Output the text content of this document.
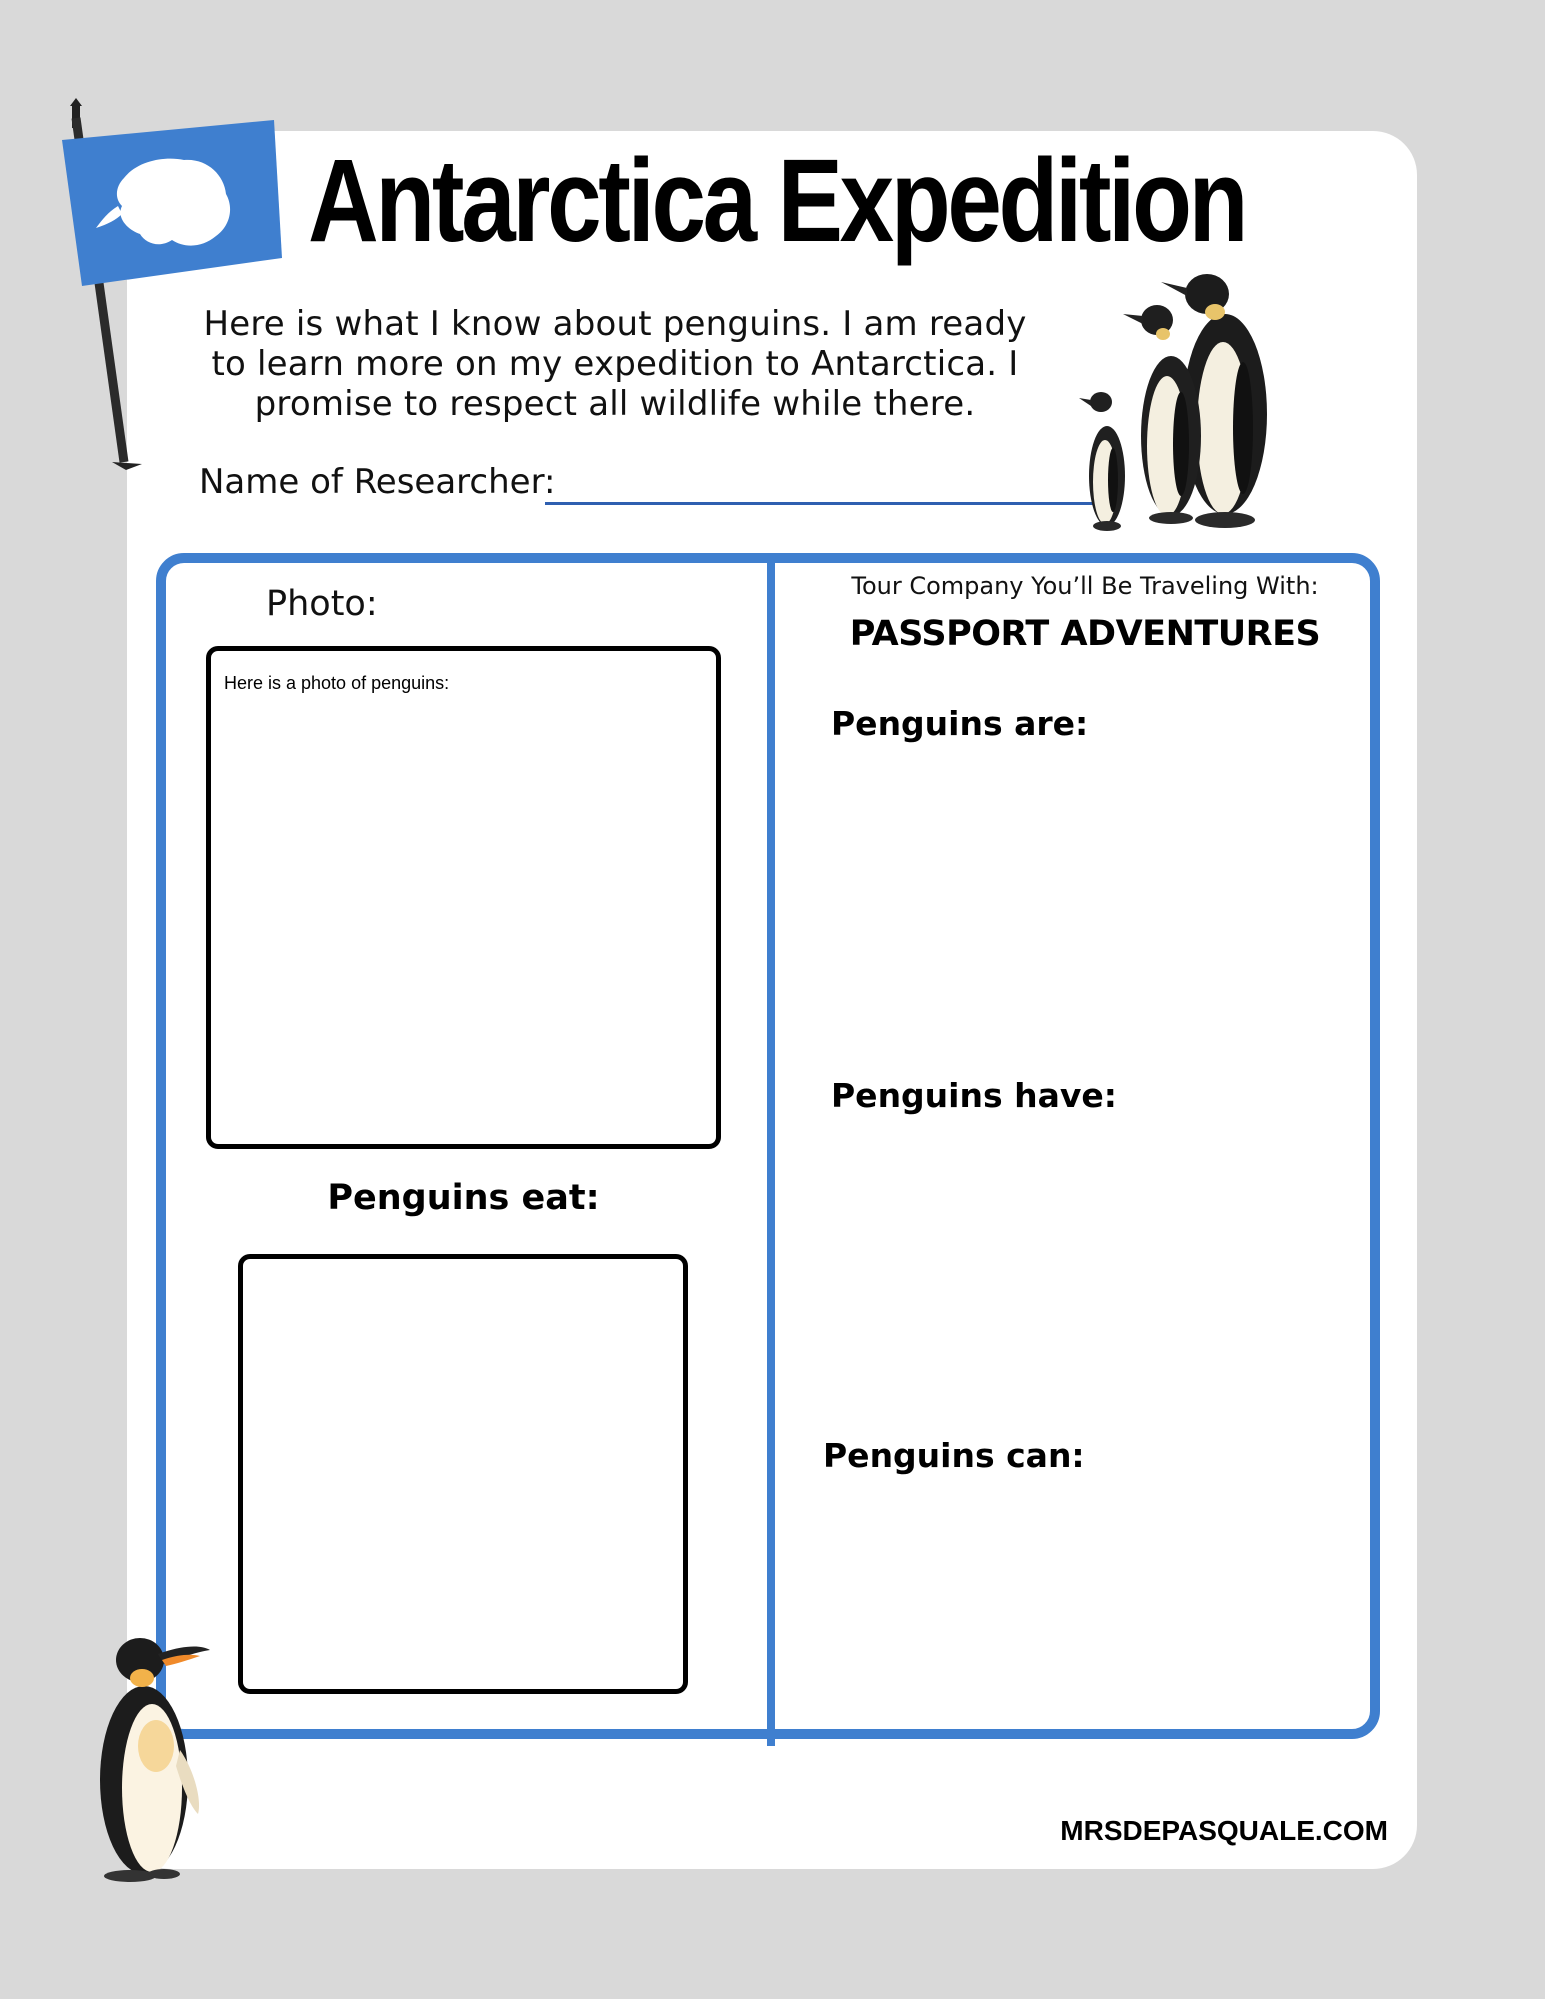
Antarctica Expedition
Here is what I know about penguins. I am ready to learn more on my expedition to Antarctica. I promise to respect all wildlife while there.
Name of Researcher:
Photo:
Here is a photo of penguins:
Penguins eat:
Tour Company You’ll Be Traveling With:
PASSPORT ADVENTURES
Penguins are:
Penguins have:
Penguins can:
MRSDEPASQUALE.COM
